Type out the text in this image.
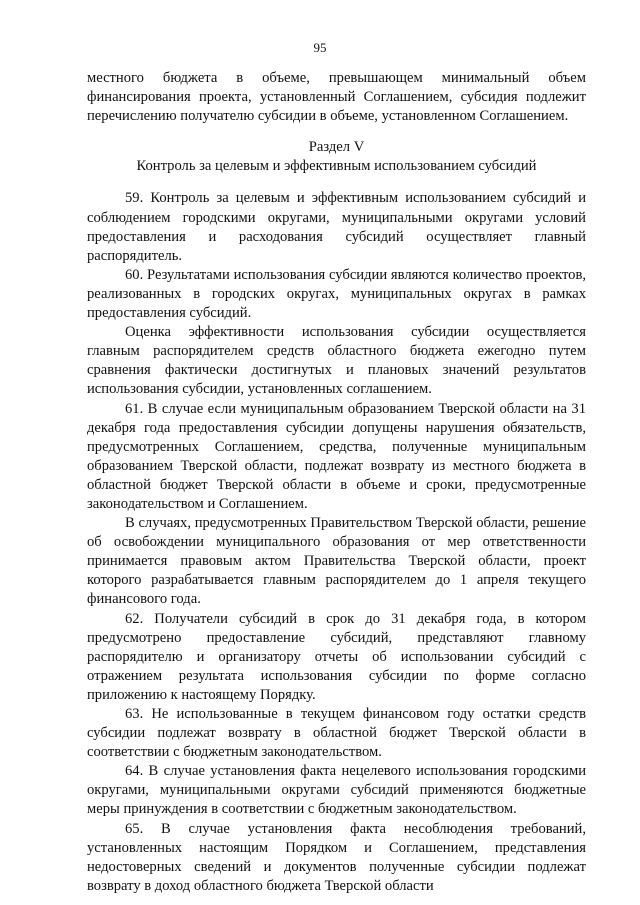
95

местного бюджета в объеме, превышающем минимальный объем финансирования проекта, установленный Соглашением, субсидия подлежит перечислению получателю субсидии в объеме, установленном Соглашением.

Раздел V

Контроль за целевым и эффективным использованием субсидий

59. Контроль за целевым и эффективным использованием субсидий и соблюдением городскими округами, муниципальными округами условий предоставления и расходования субсидий осуществляет главный распорядитель.

60. Результатами использования субсидии являются количество проектов, реализованных в городских округах, муниципальных округах в рамках предоставления субсидий.

Оценка эффективности использования субсидии осуществляется главным распорядителем средств областного бюджета ежегодно путем сравнения фактически достигнутых и плановых значений результатов использования субсидии, установленных соглашением.

61. В случае если муниципальным образованием Тверской области на 31 декабря года предоставления субсидии допущены нарушения обязательств, предусмотренных Соглашением, средства, полученные муниципальным образованием Тверской области, подлежат возврату из местного бюджета в областной бюджет Тверской области в объеме и сроки, предусмотренные законодательством и Соглашением.

В случаях, предусмотренных Правительством Тверской области, решение об освобождении муниципального образования от мер ответственности принимается правовым актом Правительства Тверской области, проект которого разрабатывается главным распорядителем до 1 апреля текущего финансового года.

62. Получатели субсидий в срок до 31 декабря года, в котором предусмотрено предоставление субсидий, представляют главному распорядителю и организатору отчеты об использовании субсидий с отражением результата использования субсидии по форме согласно приложению к настоящему Порядку.

63. Не использованные в текущем финансовом году остатки средств субсидии подлежат возврату в областной бюджет Тверской области в соответствии с бюджетным законодательством.

64. В случае установления факта нецелевого использования городскими округами, муниципальными округами субсидий применяются бюджетные меры принуждения в соответствии с бюджетным законодательством.

65. В случае установления факта несоблюдения требований, установленных настоящим Порядком и Соглашением, представления недостоверных сведений и документов полученные субсидии подлежат возврату в доход областного бюджета Тверской области
